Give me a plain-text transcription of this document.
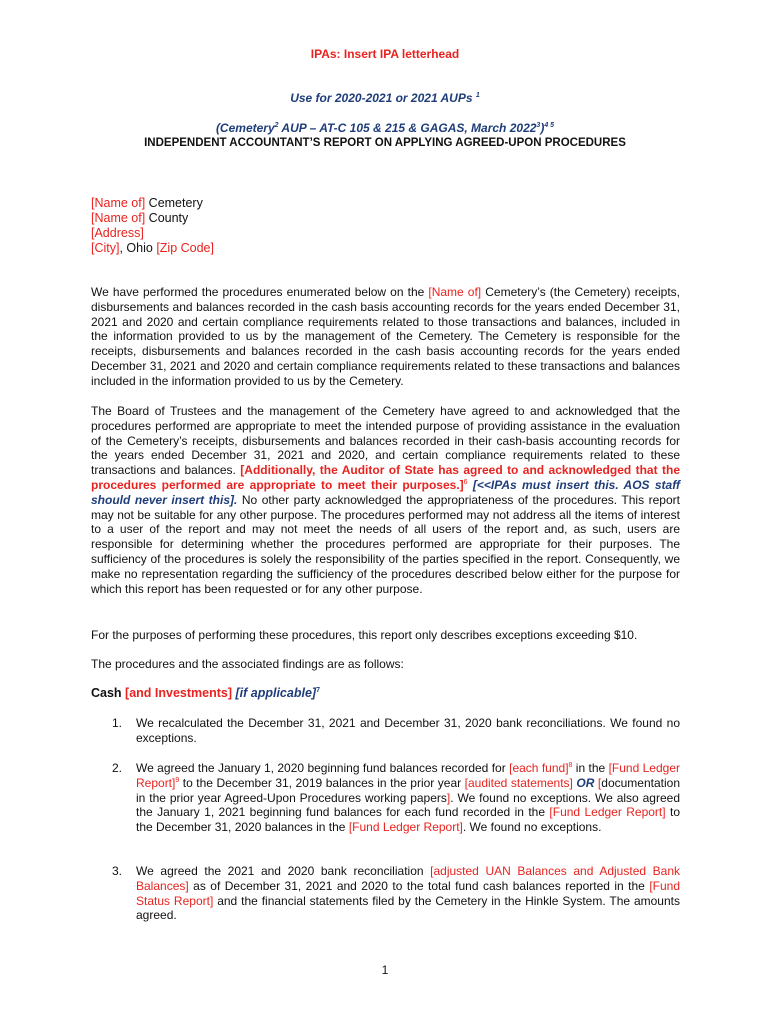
IPAs: Insert IPA letterhead
Use for 2020-2021 or 2021 AUPs $^1$
(Cemetery$^2$ AUP – AT-C 105 & 215 & GAGAS, March 2022$^3$)$^{4 5}$
INDEPENDENT ACCOUNTANT’S REPORT ON APPLYING AGREED-UPON PROCEDURES
[Name of] Cemetery
[Name of] County
[Address]
[City], Ohio [Zip Code]
We have performed the procedures enumerated below on the [Name of] Cemetery’s (the Cemetery) receipts, disbursements and balances recorded in the cash basis accounting records for the years ended December 31, 2021 and 2020 and certain compliance requirements related to those transactions and balances, included in the information provided to us by the management of the Cemetery. The Cemetery is responsible for the receipts, disbursements and balances recorded in the cash basis accounting records for the years ended December 31, 2021 and 2020 and certain compliance requirements related to these transactions and balances included in the information provided to us by the Cemetery.
The Board of Trustees and the management of the Cemetery have agreed to and acknowledged that the procedures performed are appropriate to meet the intended purpose of providing assistance in the evaluation of the Cemetery’s receipts, disbursements and balances recorded in their cash-basis accounting records for the years ended December 31, 2021 and 2020, and certain compliance requirements related to these transactions and balances. [Additionally, the Auditor of State has agreed to and acknowledged that the procedures performed are appropriate to meet their purposes.]$^6$ [<<IPAs must insert this. AOS staff should never insert this]. No other party acknowledged the appropriateness of the procedures. This report may not be suitable for any other purpose. The procedures performed may not address all the items of interest to a user of the report and may not meet the needs of all users of the report and, as such, users are responsible for determining whether the procedures performed are appropriate for their purposes. The sufficiency of the procedures is solely the responsibility of the parties specified in the report. Consequently, we make no representation regarding the sufficiency of the procedures described below either for the purpose for which this report has been requested or for any other purpose.
For the purposes of performing these procedures, this report only describes exceptions exceeding $10.
The procedures and the associated findings are as follows:
Cash [and Investments] [if applicable]$^7$
1. We recalculated the December 31, 2021 and December 31, 2020 bank reconciliations. We found no exceptions.
2. We agreed the January 1, 2020 beginning fund balances recorded for [each fund]$^8$ in the [Fund Ledger Report]$^9$ to the December 31, 2019 balances in the prior year [audited statements] OR [documentation in the prior year Agreed-Upon Procedures working papers]. We found no exceptions. We also agreed the January 1, 2021 beginning fund balances for each fund recorded in the [Fund Ledger Report] to the December 31, 2020 balances in the [Fund Ledger Report]. We found no exceptions.
3. We agreed the 2021 and 2020 bank reconciliation [adjusted UAN Balances and Adjusted Bank Balances] as of December 31, 2021 and 2020 to the total fund cash balances reported in the [Fund Status Report] and the financial statements filed by the Cemetery in the Hinkle System. The amounts agreed.
1
